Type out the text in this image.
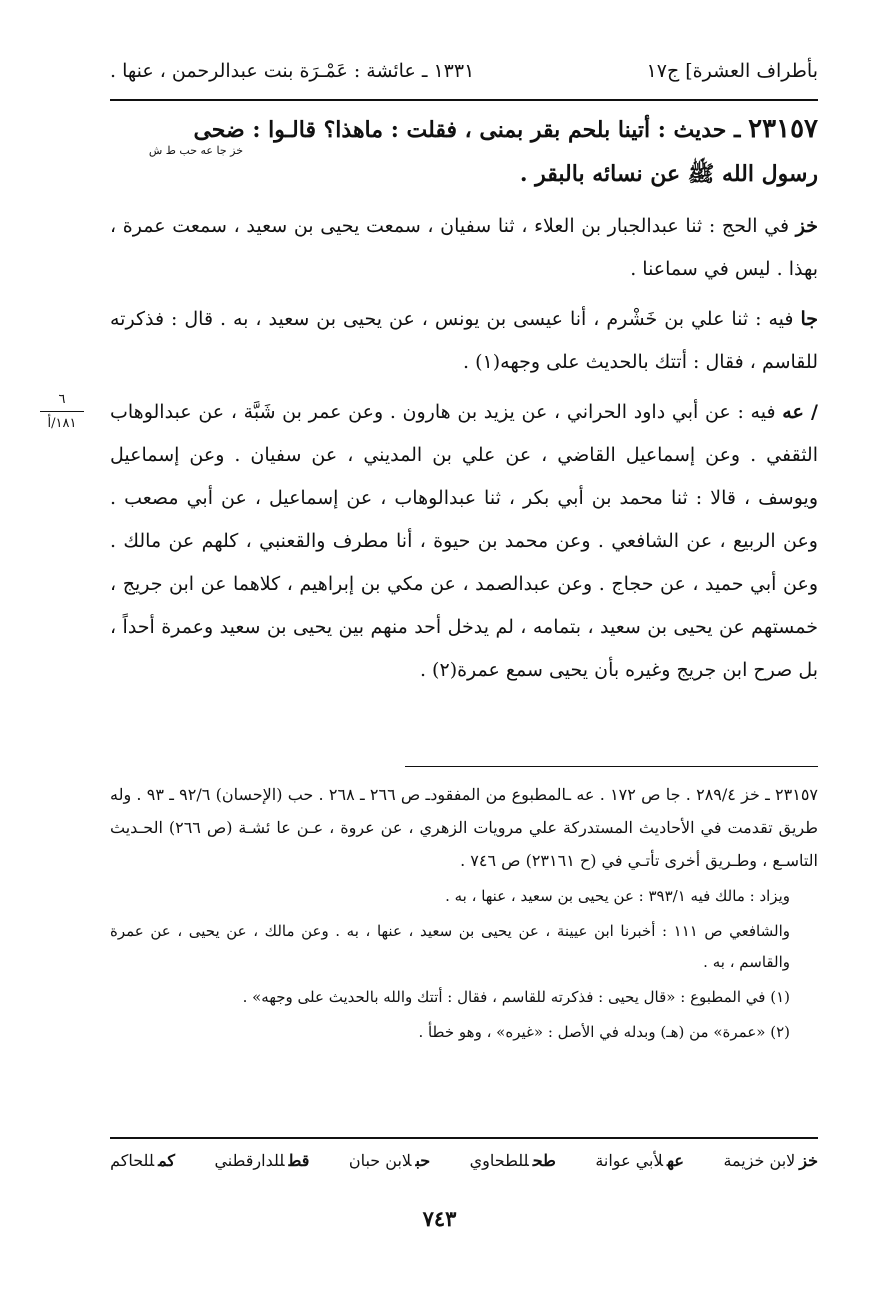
بأطراف العشرة] ج١٧
١٣٣١ ـ عائشة : عَمْـرَة بنت عبدالرحمن ، عنها .
٢٣١٥٧ ـ حديث : أتينا بلحم بقر بمنى ، فقلت : ماهذا؟ قالـوا : ضحى
خز جا عه حب ط ش
رسول الله ﷺ عن نسائه بالبقر .
٦
١٨١/أ

خز في الحج : ثنا عبدالجبار بن العلاء ، ثنا سفيان ، سمعت يحيى بن سعيد ، سمعت عمرة ، بهذا . ليس في سماعنا .

جا فيه : ثنا علي بن خَشْرم ، أنا عيسى بن يونس ، عن يحيى بن سعيد ، به . قال : فذكرته للقاسم ، فقال : أتتك بالحديث على وجهه(١) .

/ عه فيه : عن أبي داود الحراني ، عن يزيد بن هارون . وعن عمر بن شَبَّة ، عن عبدالوهاب الثقفي . وعن إسماعيل القاضي ، عن علي بن المديني ، عن سفيان . وعن إسماعيل ويوسف ، قالا : ثنا محمد بن أبي بكر ، ثنا عبدالوهاب ، عن إسماعيل ، عن أبي مصعب . وعن الربيع ، عن الشافعي . وعن محمد بن حيوة ، أنا مطرف والقعنبي ، كلهم عن مالك . وعن أبي حميد ، عن حجاج . وعن عبدالصمد ، عن مكي بن إبراهيم ، كلاهما عن ابن جريج ، خمستهم عن يحيى بن سعيد ، بتمامه ، لم يدخل أحد منهم بين يحيى بن سعيد وعمرة أحداً ، بل صرح ابن جريج وغيره بأن يحيى سمع عمرة(٢) .

٢٣١٥٧ ـ خز ٢٨٩/٤ . جا ص ١٧٢ . عه ـالمطبوع من المفقودـ ص ٢٦٦ ـ ٢٦٨ . حب (الإحسان) ٩٢/٦ ـ ٩٣ . وله طريق تقدمت في الأحاديث المستدركة علي مرويات الزهري ، عن عروة ، عـن عا ئشـة (ص ٢٦٦) الحـديث التاسـع ، وطـريق أخرى تأتـي في (ح ٢٣١٦١) ص ٧٤٦ .

ويزاد : مالك فيه ٣٩٣/١ : عن يحيى بن سعيد ، عنها ، به .

والشافعي ص ١١١ : أخبرنا ابن عيينة ، عن يحيى بن سعيد ، عنها ، به . وعن مالك ، عن يحيى ، عن عمرة والقاسم ، به .

(١) في المطبوع : «قال يحيى : فذكرته للقاسم ، فقال : أتتك والله بالحديث على وجهه» .

(٢) «عمرة» من (هـ) وبدله في الأصل : «غيره» ، وهو خطأ .

خزلابن خزيمة
عهلأبي عوانة
طحللطحاوي
حبلابن حبان
قطللدارقطني
كمللحاكم
٧٤٣
